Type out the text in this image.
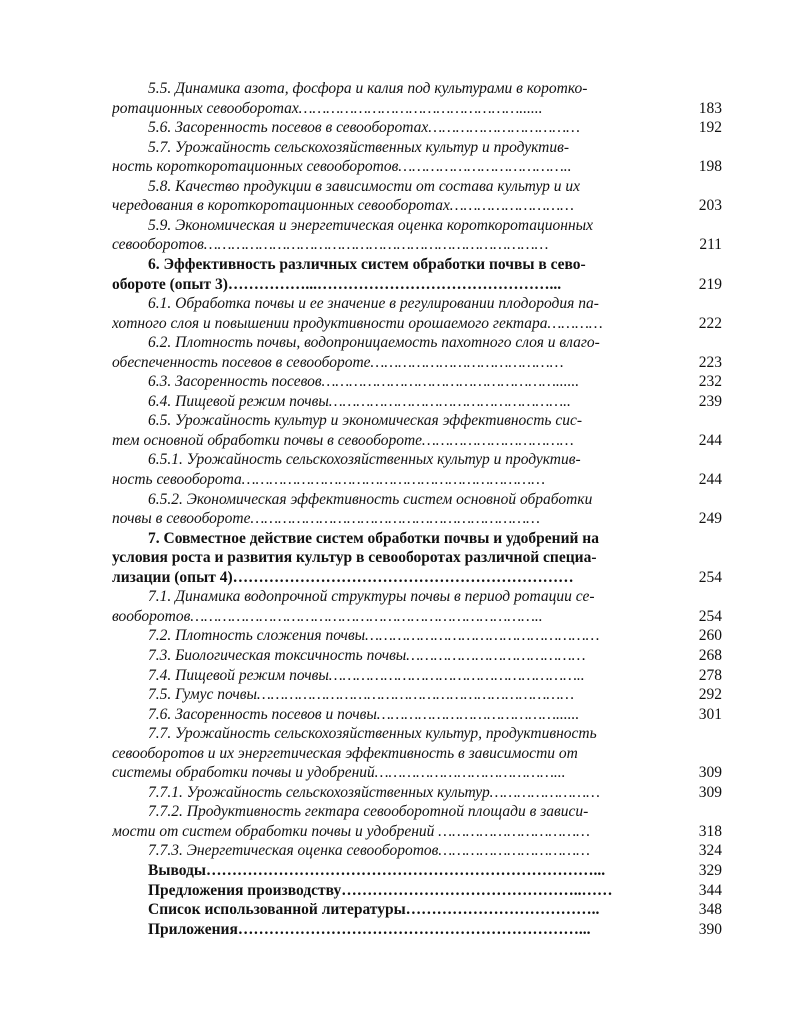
5.5. Динамика азота, фосфора и калия под культурами в коротко-
ротационных севооборотах…………………………………………......	183
5.6. Засоренность посевов в севооборотах……………………………	192
5.7. Урожайность сельскохозяйственных культур и продуктив-
ность короткоротационных севооборотов………………………………..	198
5.8. Качество продукции в зависимости от состава культур и их
чередования в короткоротационных севооборотах………………………	203
5.9. Экономическая и энергетическая оценка короткоротационных
севооборотов…………………………………………………………………	211
6. Эффективность различных систем обработки почвы в сево-
обороте (опыт 3)……………...………………………………………...	219
6.1. Обработка почвы и ее значение в регулировании плодородия па-
хотного слоя и повышении продуктивности орошаемого гектара…………	222
6.2. Плотность почвы, водопроницаемость пахотного слоя и влаго-
обеспеченность посевов в севообороте……………………………………	223
6.3. Засоренность посевов……………………………………………......	232
6.4. Пищевой режим почвы……………………………………………..	239
6.5. Урожайность культур и экономическая эффективность сис-
тем основной обработки почвы в севообороте……………………………	244
6.5.1. Урожайность сельскохозяйственных культур и продуктив-
ность севооборота…………………………………………………………	244
6.5.2. Экономическая эффективность систем основной обработки
почвы в севообороте………………………………………………………	249
7. Совместное действие систем обработки почвы и удобрений на
условия роста и развития культур в севооборотах различной специа-
лизации (опыт 4)…………………………………………………………	254
7.1. Динамика водопрочной структуры почвы в период ротации се-
вооборотов…………………………………………………………………..	254
7.2. Плотность сложения почвы……………………………………………	260
7.3. Биологическая токсичность почвы…………………………………	268
7.4. Пищевой режим почвы………………………………………………..	278
7.5. Гумус почвы……………………………………………………………	292
7.6. Засоренность посевов и почвы…………………………………......	301
7.7. Урожайность сельскохозяйственных культур, продуктивность
севооборотов и их энергетическая эффективность в зависимости от
системы обработки почвы и удобрений…………………………………...	309
7.7.1. Урожайность сельскохозяйственных культур……………………	309
7.7.2. Продуктивность гектара севооборотной площади в зависи-
мости от систем обработки почвы и удобрений ……………………………	318
7.7.3. Энергетическая оценка севооборотов……………………………	324
Выводы…………………………………………………………………...	329
Предложения производству………………………………………..……	344
Список использованной литературы………………………………..	348
Приложения…………………………………………………………...	390
